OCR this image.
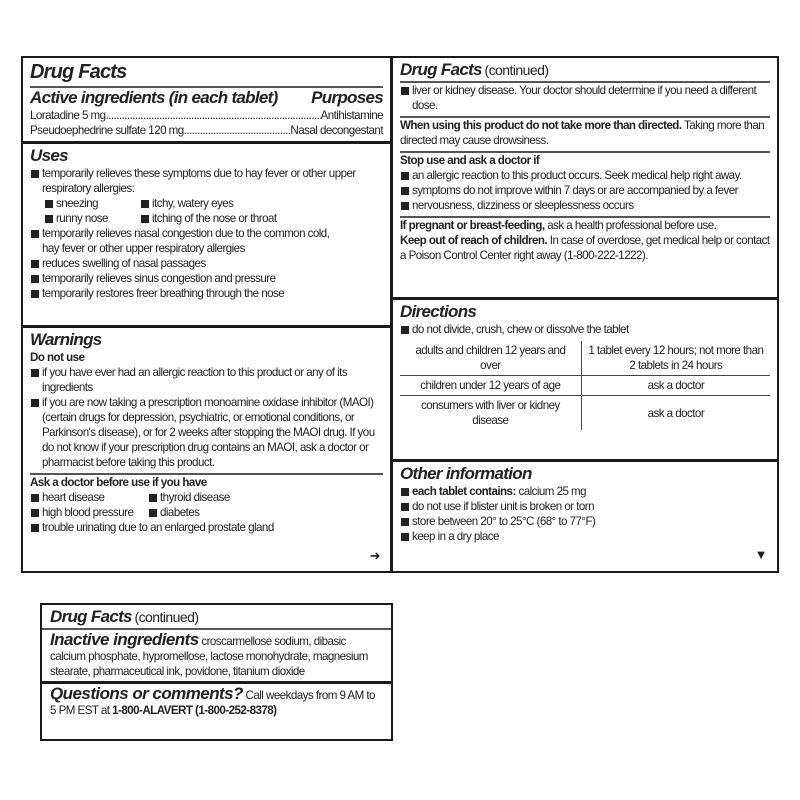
Drug Facts
Active ingredients (in each tablet) Purposes
Loratadine 5 mg .....	Antihistamine
Pseudoephedrine sulfate 120 mg .....	Nasal decongestant
Uses
temporarily relieves these symptoms due to hay fever or other upper respiratory allergies:
sneezing	itchy, watery eyes
runny nose	itching of the nose or throat
temporarily relieves nasal congestion due to the common cold, hay fever or other upper respiratory allergies
reduces swelling of nasal passages
temporarily relieves sinus congestion and pressure
temporarily restores freer breathing through the nose
Warnings
Do not use
if you have ever had an allergic reaction to this product or any of its ingredients
if you are now taking a prescription monoamine oxidase inhibitor (MAOI) (certain drugs for depression, psychiatric, or emotional conditions, or Parkinson's disease), or for 2 weeks after stopping the MAOI drug. If you do not know if your prescription drug contains an MAOI, ask a doctor or pharmacist before taking this product.
Ask a doctor before use if you have
heart disease	thyroid disease
high blood pressure	diabetes
trouble urinating due to an enlarged prostate gland
➜
Drug Facts (continued)
liver or kidney disease. Your doctor should determine if you need a different dose.
When using this product do not take more than directed. Taking more than directed may cause drowsiness.
Stop use and ask a doctor if
an allergic reaction to this product occurs. Seek medical help right away.
symptoms do not improve within 7 days or are accompanied by a fever
nervousness, dizziness or sleeplessness occurs
If pregnant or breast-feeding, ask a health professional before use.
Keep out of reach of children. In case of overdose, get medical help or contact a Poison Control Center right away (1-800-222-1222).
Directions
do not divide, crush, chew or dissolve the tablet
adults and children 12 years and over	1 tablet every 12 hours; not more than 2 tablets in 24 hours
children under 12 years of age	ask a doctor
consumers with liver or kidney disease	ask a doctor
Other information
each tablet contains: calcium 25 mg
do not use if blister unit is broken or torn
store between 20° to 25°C (68° to 77°F)
keep in a dry place
▼
Drug Facts (continued)
Inactive ingredients croscarmellose sodium, dibasic calcium phosphate, hypromellose, lactose monohydrate, magnesium stearate, pharmaceutical ink, povidone, titanium dioxide
Questions or comments? Call weekdays from 9 AM to 5 PM EST at 1-800-ALAVERT (1-800-252-8378)
